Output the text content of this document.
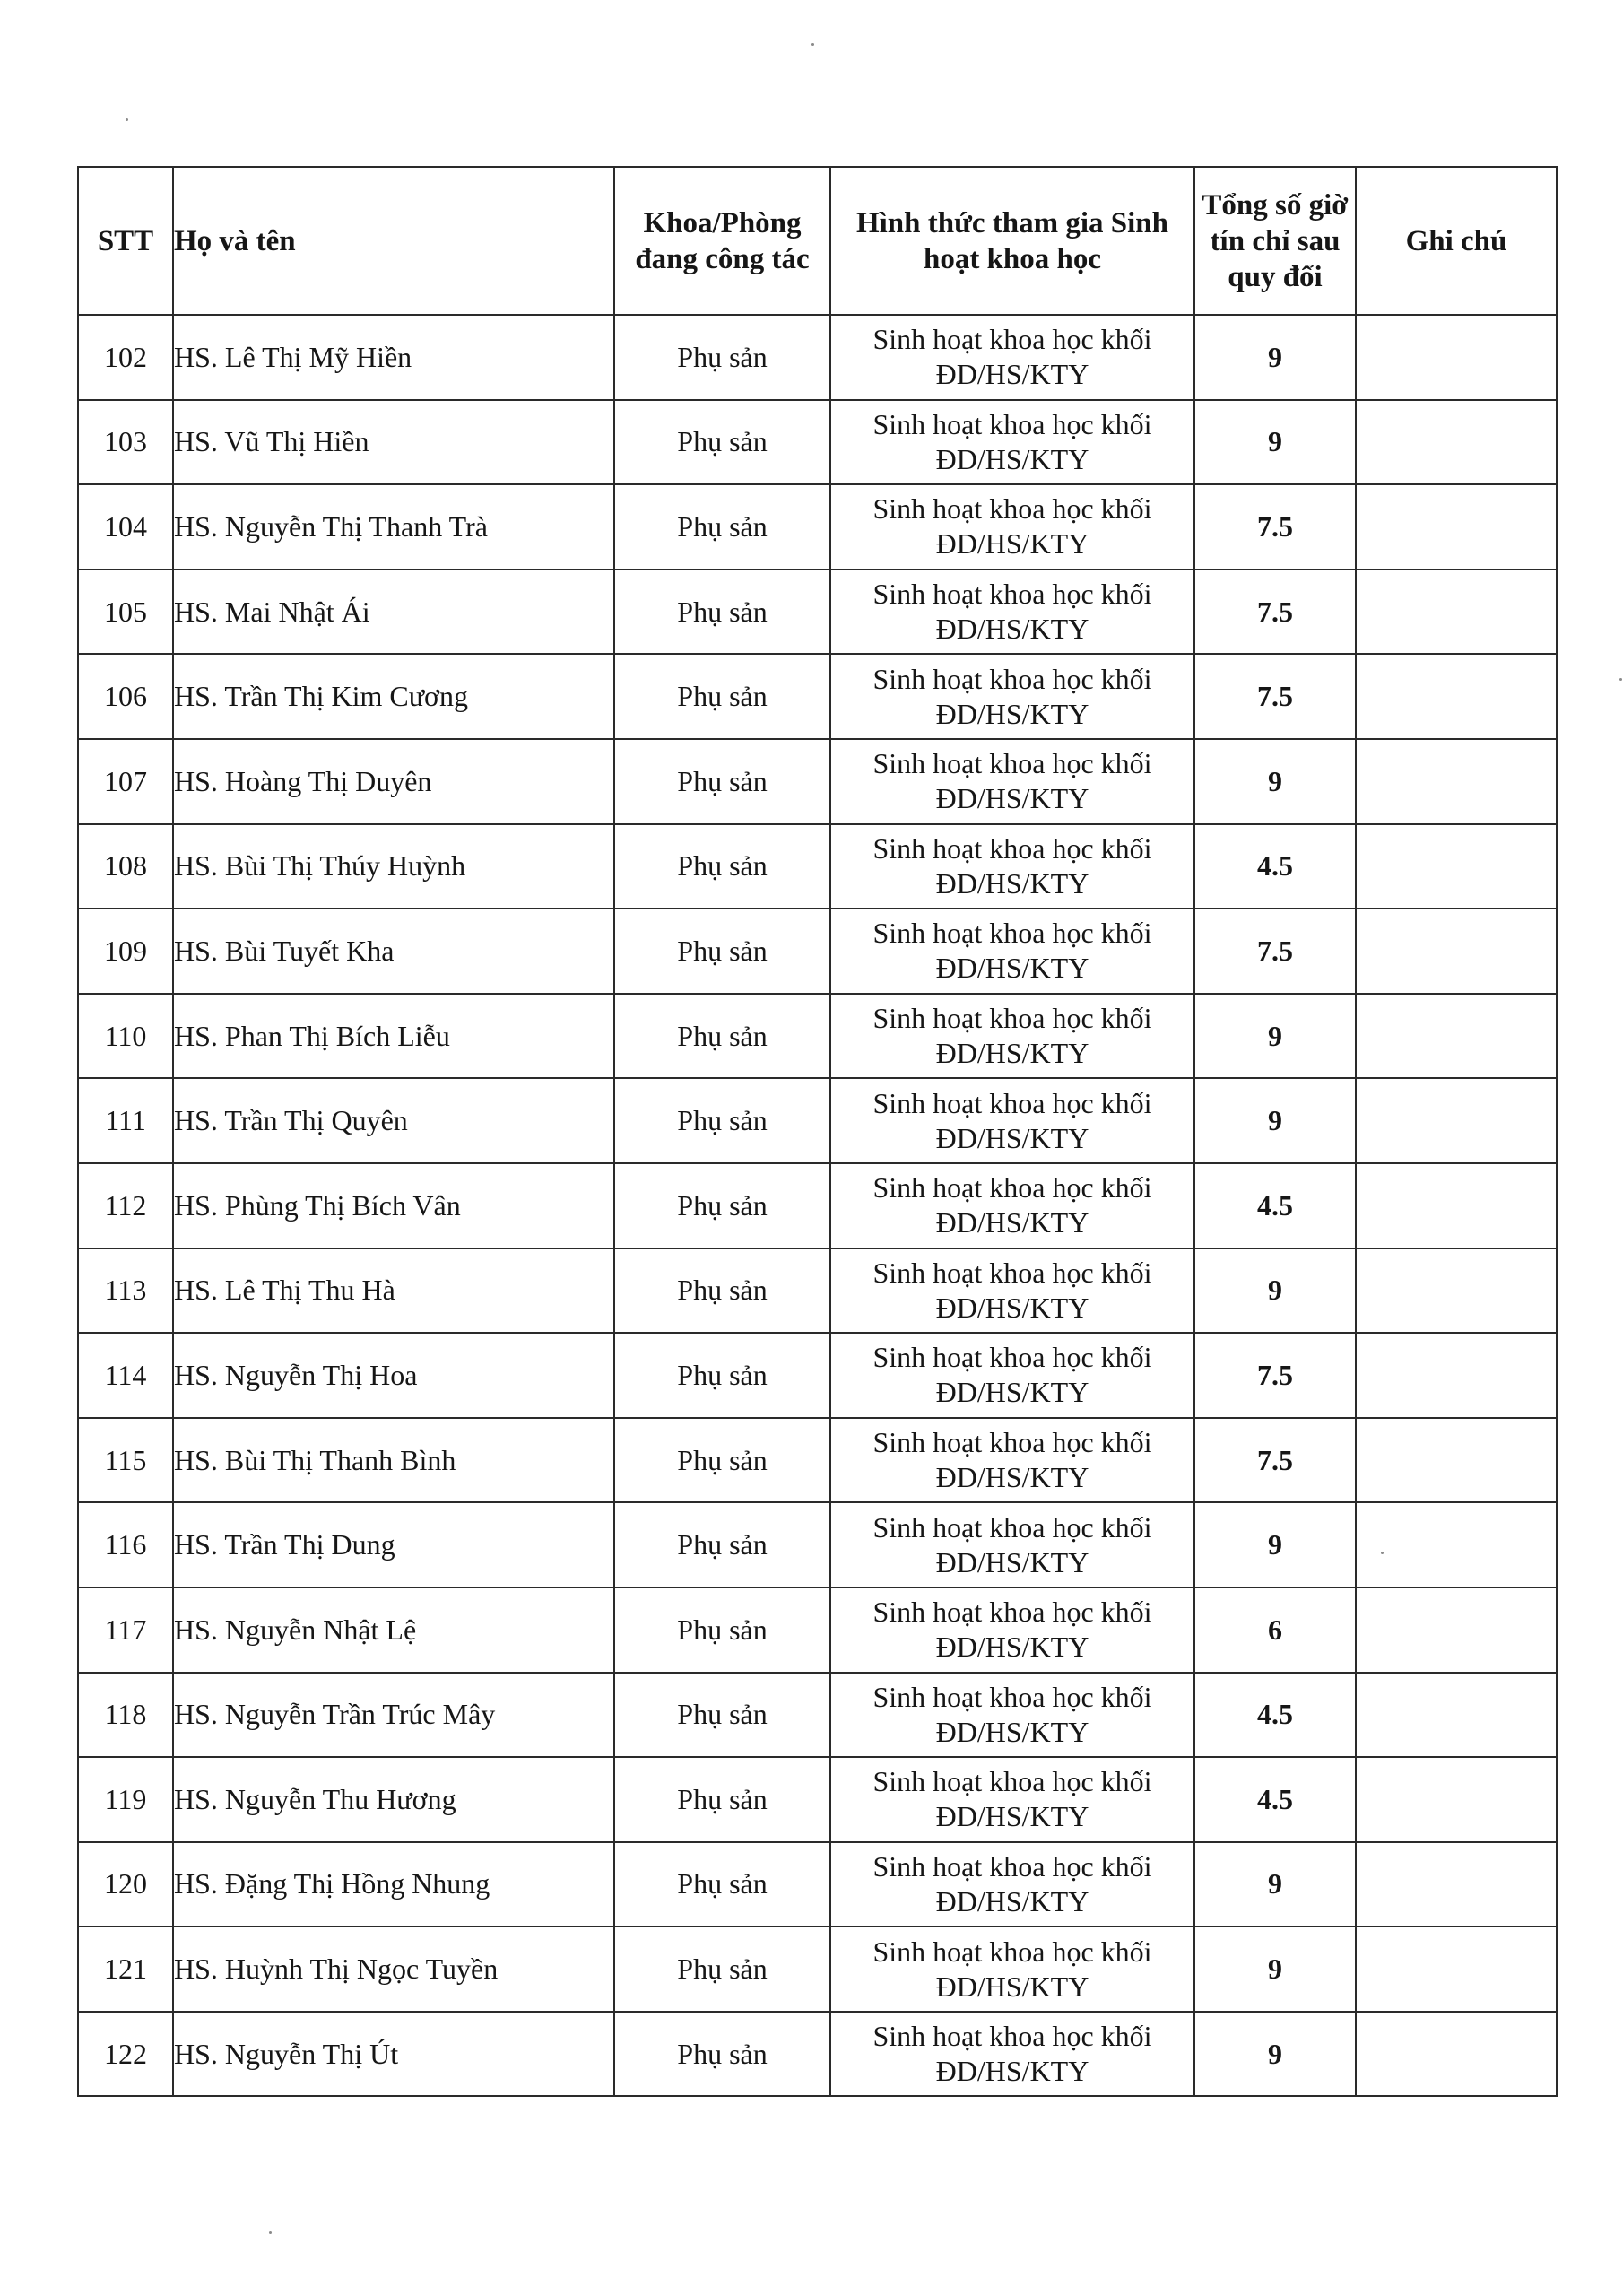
STT	Họ và tên	Khoa/Phòng đang công tác	Hình thức tham gia Sinh hoạt khoa học	Tổng số giờ tín chỉ sau quy đổi	Ghi chú
102	HS. Lê Thị Mỹ Hiền	Phụ sản	Sinh hoạt khoa học khối ĐD/HS/KTY	9	
103	HS. Vũ Thị Hiền	Phụ sản	Sinh hoạt khoa học khối ĐD/HS/KTY	9	
104	HS. Nguyễn Thị Thanh Trà	Phụ sản	Sinh hoạt khoa học khối ĐD/HS/KTY	7.5	
105	HS. Mai Nhật Ái	Phụ sản	Sinh hoạt khoa học khối ĐD/HS/KTY	7.5	
106	HS. Trần Thị Kim Cương	Phụ sản	Sinh hoạt khoa học khối ĐD/HS/KTY	7.5	
107	HS. Hoàng Thị Duyên	Phụ sản	Sinh hoạt khoa học khối ĐD/HS/KTY	9	
108	HS. Bùi Thị Thúy Huỳnh	Phụ sản	Sinh hoạt khoa học khối ĐD/HS/KTY	4.5	
109	HS. Bùi Tuyết Kha	Phụ sản	Sinh hoạt khoa học khối ĐD/HS/KTY	7.5	
110	HS. Phan Thị Bích Liễu	Phụ sản	Sinh hoạt khoa học khối ĐD/HS/KTY	9	
111	HS. Trần Thị Quyên	Phụ sản	Sinh hoạt khoa học khối ĐD/HS/KTY	9	
112	HS. Phùng Thị Bích Vân	Phụ sản	Sinh hoạt khoa học khối ĐD/HS/KTY	4.5	
113	HS. Lê Thị Thu Hà	Phụ sản	Sinh hoạt khoa học khối ĐD/HS/KTY	9	
114	HS. Nguyễn Thị Hoa	Phụ sản	Sinh hoạt khoa học khối ĐD/HS/KTY	7.5	
115	HS. Bùi Thị Thanh Bình	Phụ sản	Sinh hoạt khoa học khối ĐD/HS/KTY	7.5	
116	HS. Trần Thị Dung	Phụ sản	Sinh hoạt khoa học khối ĐD/HS/KTY	9	
117	HS. Nguyễn Nhật Lệ	Phụ sản	Sinh hoạt khoa học khối ĐD/HS/KTY	6	
118	HS. Nguyễn Trần Trúc Mây	Phụ sản	Sinh hoạt khoa học khối ĐD/HS/KTY	4.5	
119	HS. Nguyễn Thu Hương	Phụ sản	Sinh hoạt khoa học khối ĐD/HS/KTY	4.5	
120	HS. Đặng Thị Hồng Nhung	Phụ sản	Sinh hoạt khoa học khối ĐD/HS/KTY	9	
121	HS. Huỳnh Thị Ngọc Tuyền	Phụ sản	Sinh hoạt khoa học khối ĐD/HS/KTY	9	
122	HS. Nguyễn Thị Út	Phụ sản	Sinh hoạt khoa học khối ĐD/HS/KTY	9	
